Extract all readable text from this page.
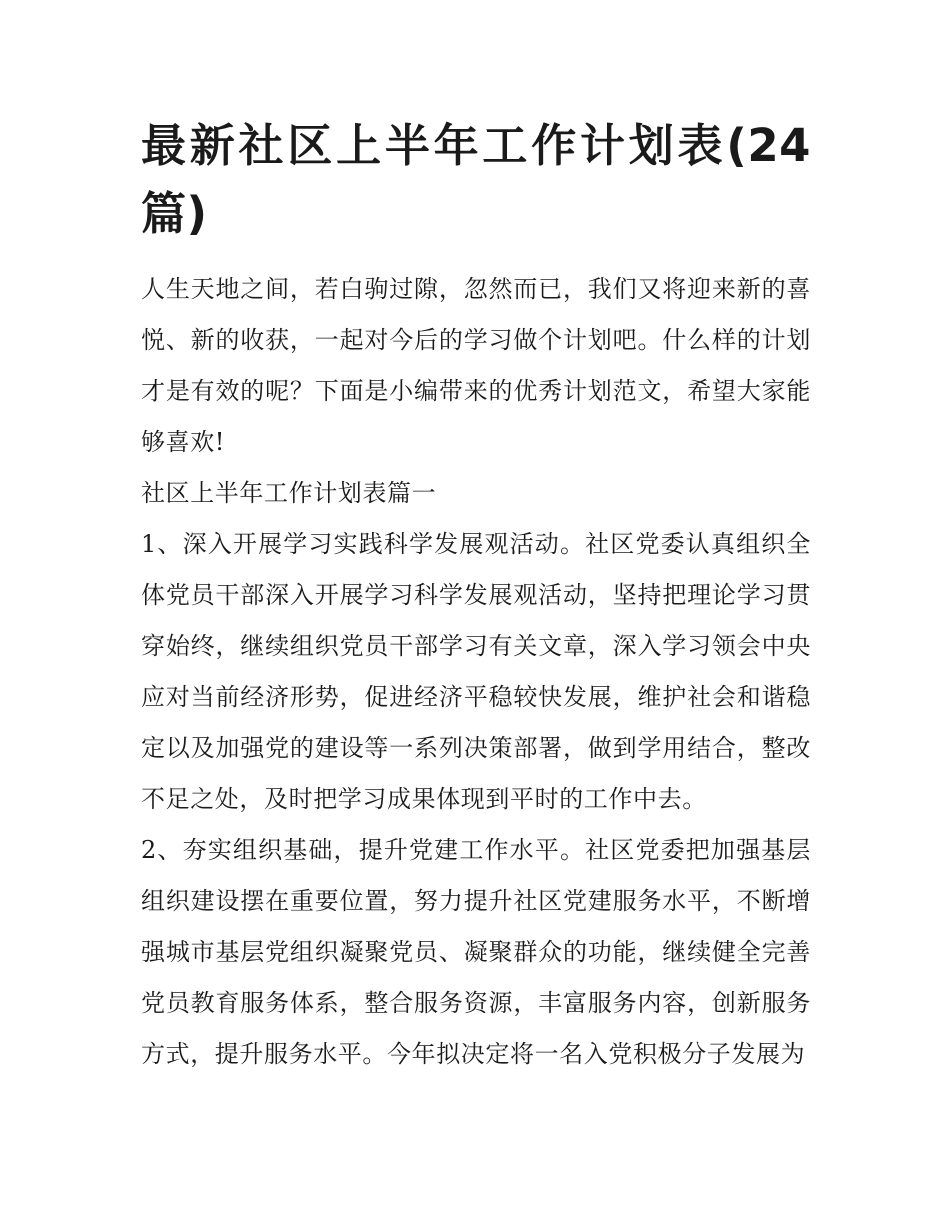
最新社区上半年工作计划表(24篇)

人生天地之间，若白驹过隙，忽然而已，我们又将迎来新的喜悦、新的收获，一起对今后的学习做个计划吧。什么样的计划才是有效的呢？下面是小编带来的优秀计划范文，希望大家能够喜欢!

社区上半年工作计划表篇一

1、深入开展学习实践科学发展观活动。社区党委认真组织全体党员干部深入开展学习科学发展观活动，坚持把理论学习贯穿始终，继续组织党员干部学习有关文章，深入学习领会中央应对当前经济形势，促进经济平稳较快发展，维护社会和谐稳定以及加强党的建设等一系列决策部署，做到学用结合，整改不足之处，及时把学习成果体现到平时的工作中去。

2、夯实组织基础，提升党建工作水平。社区党委把加强基层组织建设摆在重要位置，努力提升社区党建服务水平，不断增强城市基层党组织凝聚党员、凝聚群众的功能，继续健全完善党员教育服务体系，整合服务资源，丰富服务内容，创新服务方式，提升服务水平。今年拟决定将一名入党积极分子发展为
